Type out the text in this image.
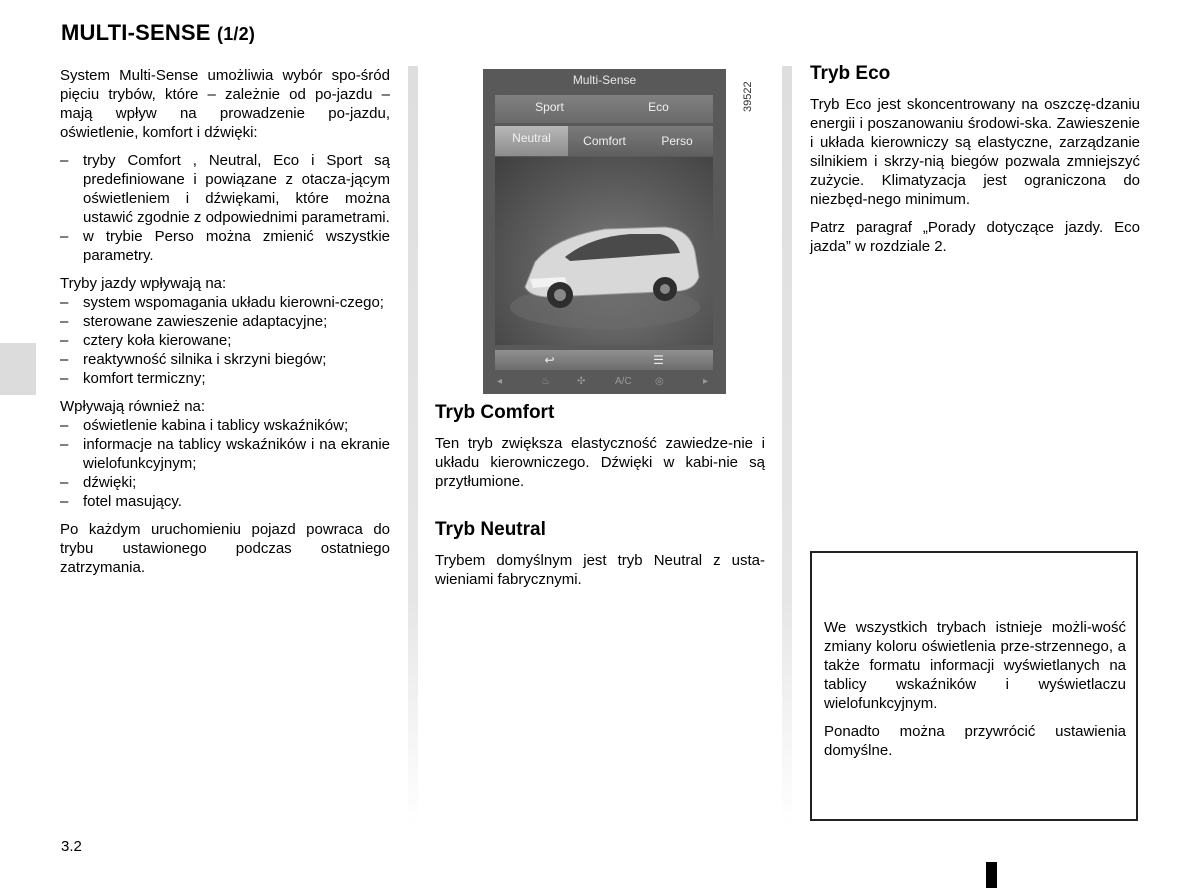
MULTI-SENSE (1/2)

System Multi-Sense umożliwia wybór spo-śród pięciu trybów, które – zależnie od po-jazdu – mają wpływ na prowadzenie po-jazdu, oświetlenie, komfort i dźwięki:

– tryby Comfort , Neutral, Eco i Sport są predefiniowane i powiązane z otacza-jącym oświetleniem i dźwiękami, które można ustawić zgodnie z odpowiednimi parametrami.
– w trybie Perso można zmienić wszystkie parametry.

Tryby jazdy wpływają na:

– system wspomagania układu kierowni-czego;
– sterowane zawieszenie adaptacyjne;
– cztery koła kierowane;
– reaktywność silnika i skrzyni biegów;
– komfort termiczny;

Wpływają również na:

– oświetlenie kabina i tablicy wskaźników;
– informacje na tablicy wskaźników i na ekranie wielofunkcyjnym;
– dźwięki;
– fotel masujący.

Po każdym uruchomieniu pojazd powraca do trybu ustawionego podczas ostatniego zatrzymania.

Multi-Sense
Sport	Eco
Neutral	Comfort	Perso
↩	☰
◂	♨	✣	A/C ◎	▸
39522
Tryb Comfort

Ten tryb zwiększa elastyczność zawiedze-nie i układu kierowniczego. Dźwięki w kabi-nie są przytłumione.

Tryb Neutral

Trybem domyślnym jest tryb Neutral z usta-wieniami fabrycznymi.

Tryb Eco

Tryb Eco jest skoncentrowany na oszczę-dzaniu energii i poszanowaniu środowi-ska. Zawieszenie i układa kierowniczy są elastyczne, zarządzanie silnikiem i skrzy-nią biegów pozwala zmniejszyć zużycie. Klimatyzacja jest ograniczona do niezbęd-nego minimum.

Patrz paragraf „Porady dotyczące jazdy. Eco jazda” w rozdziale 2.

We wszystkich trybach istnieje możli-wość zmiany koloru oświetlenia prze-strzennego, a także formatu informacji wyświetlanych na tablicy wskaźników i wyświetlaczu wielofunkcyjnym.

Ponadto można przywrócić ustawienia domyślne.

3.2
